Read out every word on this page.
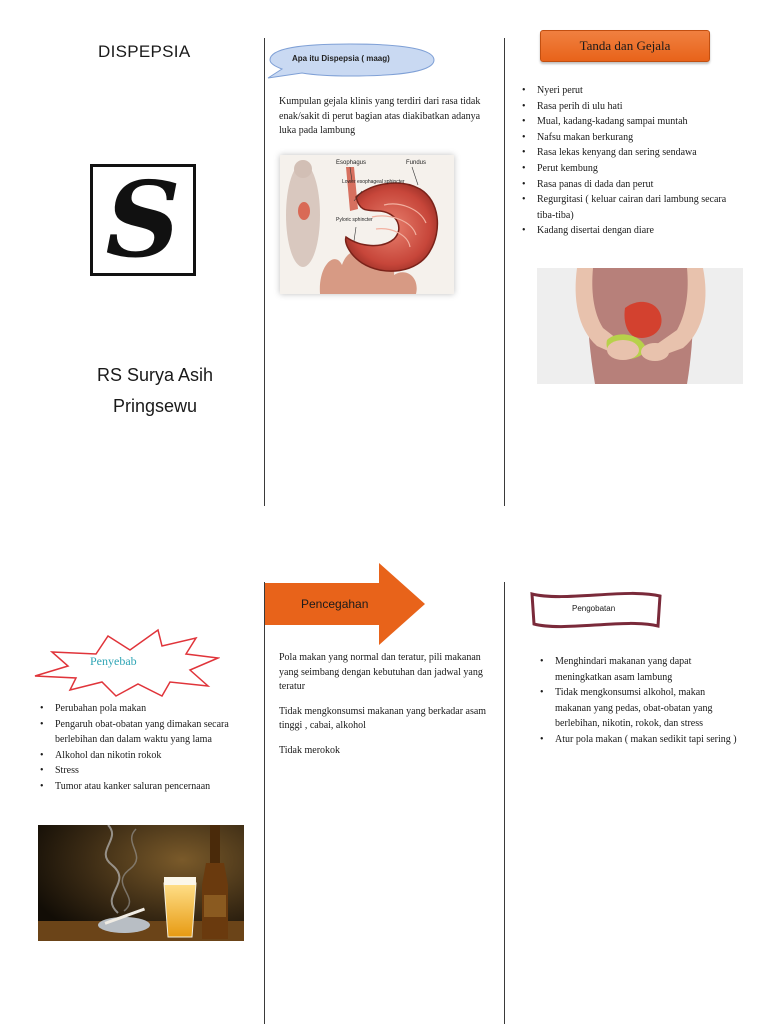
DISPEPSIA
S
RS Surya Asih
Pringsewu
Apa itu Dispepsia ( maag)
Kumpulan gejala klinis yang terdiri dari rasa tidak enak/sakit di perut bagian atas diakibatkan adanya luka pada lambung
Esophagus	Fundus
Lower esophageal sphincter
Pyloric sphincter
Tanda dan Gejala
• Nyeri perut
• Rasa perih di ulu hati
• Mual, kadang-kadang sampai muntah
• Nafsu makan berkurang
• Rasa lekas kenyang dan sering sendawa
• Perut kembung
• Rasa panas di dada dan perut
• Regurgitasi ( keluar cairan dari lambung secara tiba-tiba)
• Kadang disertai dengan diare
Penyebab
• Perubahan pola makan
• Pengaruh obat-obatan yang dimakan secara berlebihan dan dalam waktu yang lama
• Alkohol dan nikotin rokok
• Stress
• Tumor atau kanker saluran pencernaan
Pencegahan

Pola makan yang normal dan teratur, pili makanan yang seimbang dengan kebutuhan dan jadwal yang teratur

Tidak mengkonsumsi makanan yang berkadar asam tinggi , cabai, alkohol

Tidak merokok

Pengobatan
• Menghindari makanan yang dapat meningkatkan asam lambung
• Tidak mengkonsumsi alkohol, makan makanan yang pedas, obat-obatan yang berlebihan, nikotin, rokok, dan stress
• Atur pola makan ( makan sedikit tapi sering )
